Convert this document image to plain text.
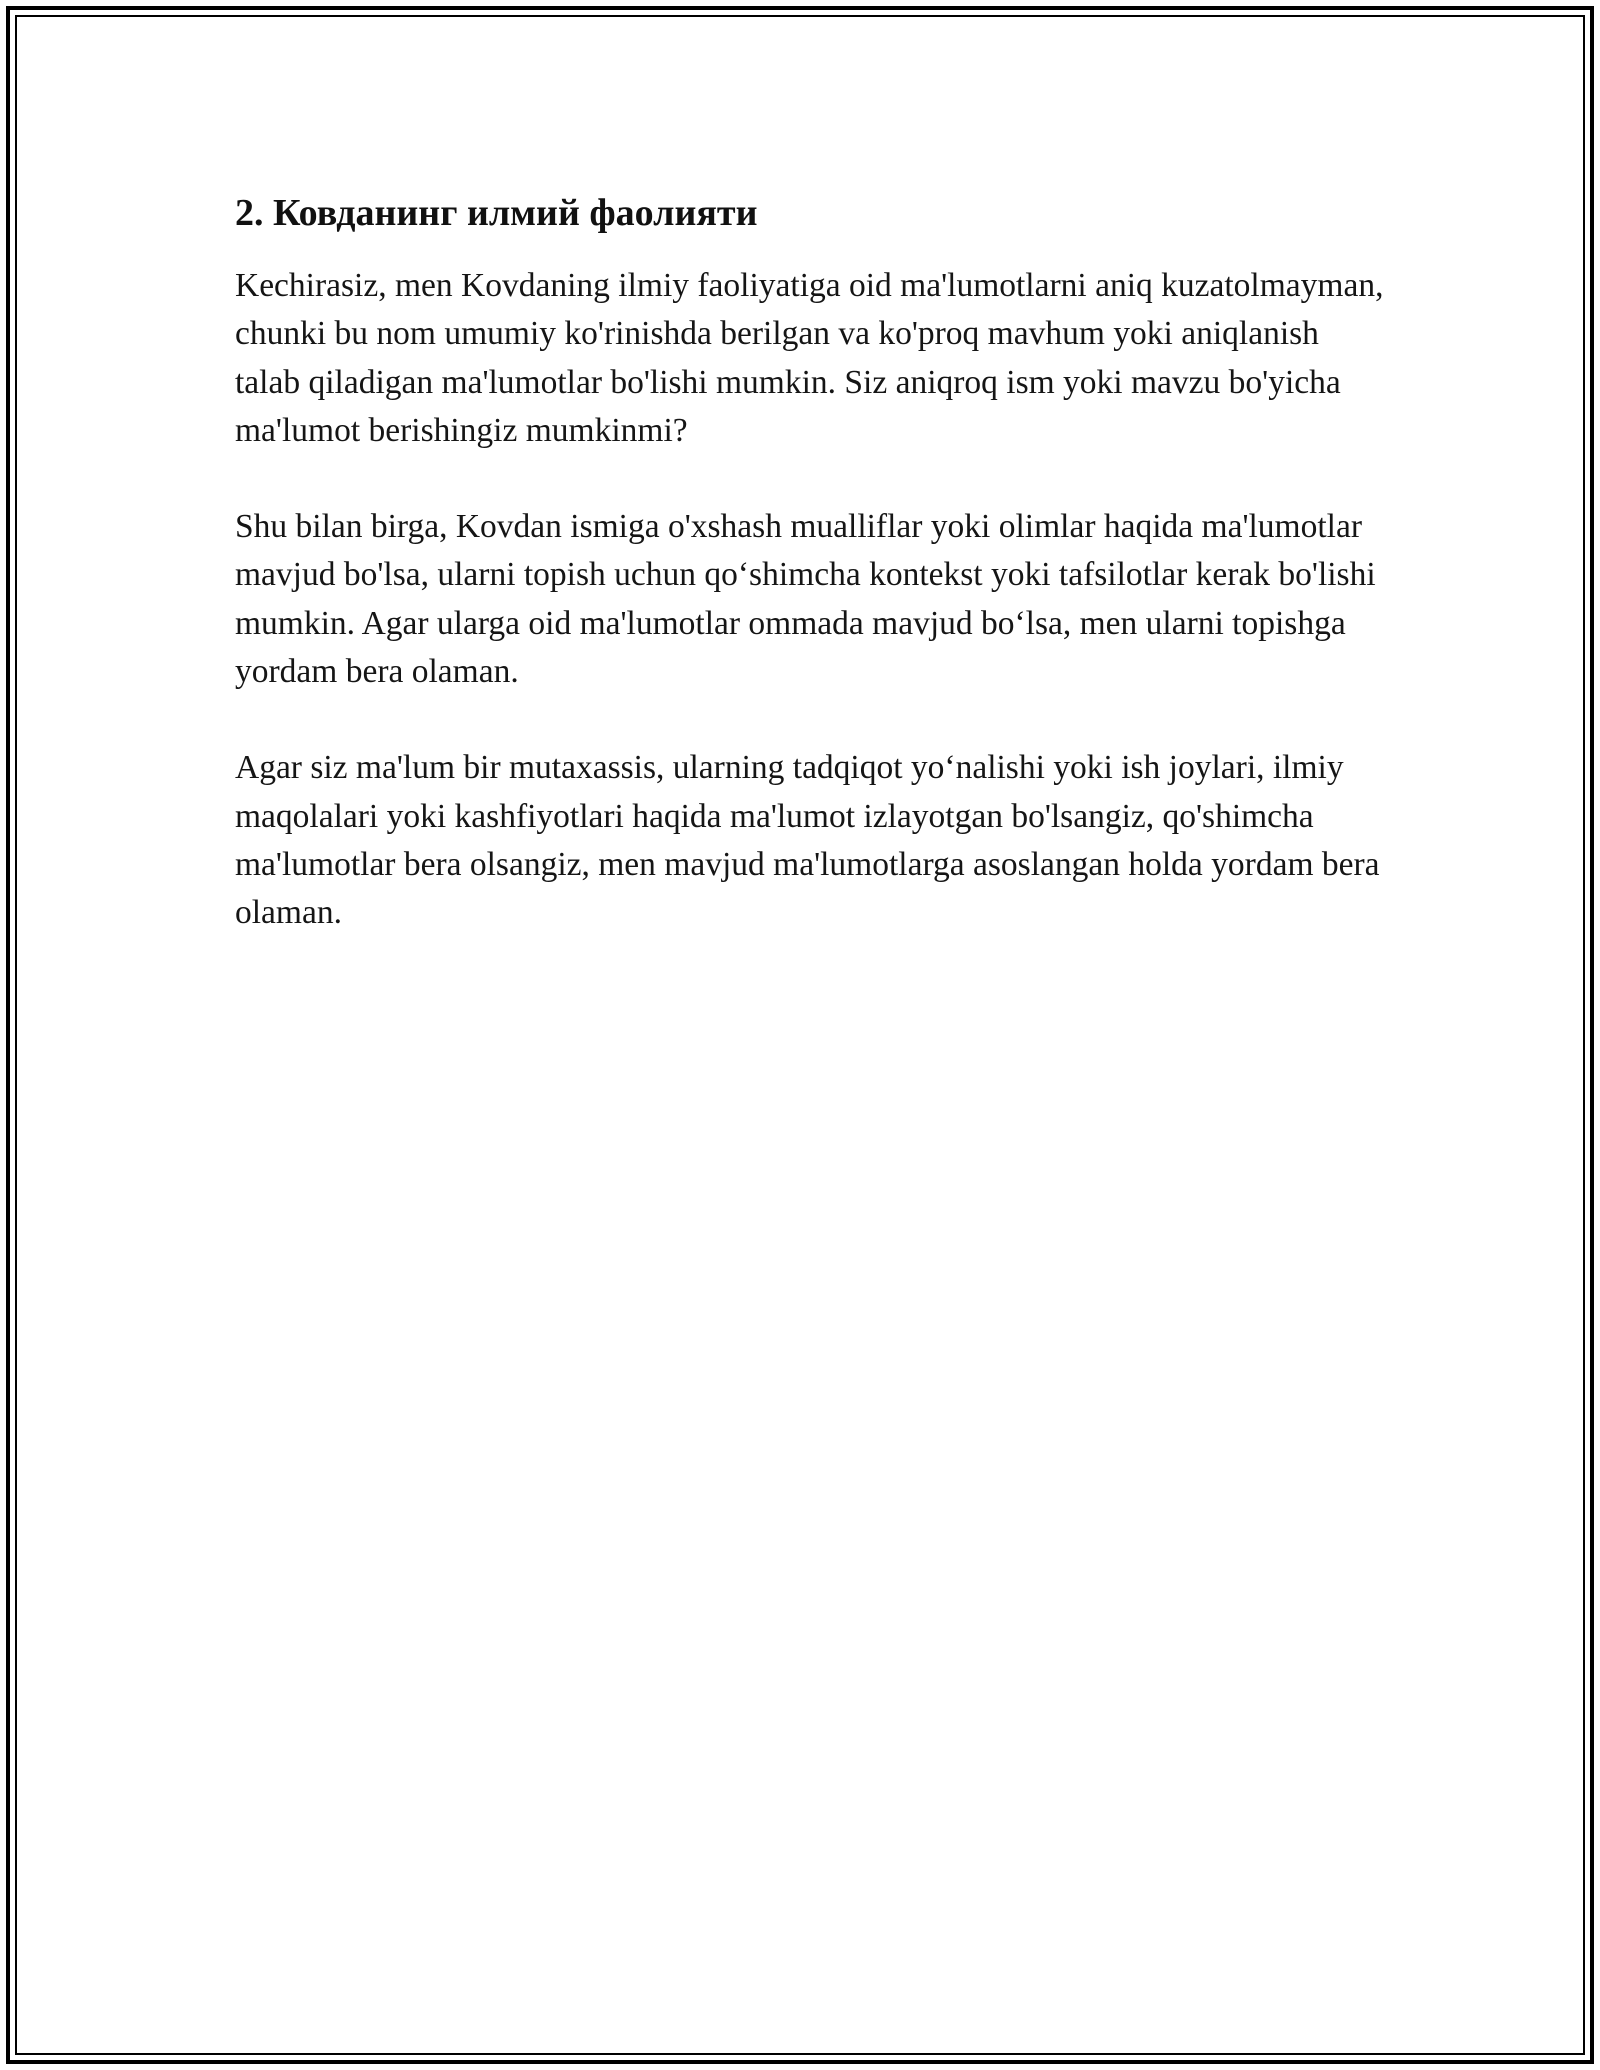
2. Ковданинг илмий фаолияти

Kechirasiz, men Kovdaning ilmiy faoliyatiga oid ma'lumotlarni aniq kuzatolmayman, chunki bu nom umumiy ko'rinishda berilgan va ko'proq mavhum yoki aniqlanish talab qiladigan ma'lumotlar bo'lishi mumkin. Siz aniqroq ism yoki mavzu bo'yicha ma'lumot berishingiz mumkinmi?

Shu bilan birga, Kovdan ismiga o'xshash mualliflar yoki olimlar haqida ma'lumotlar mavjud bo'lsa, ularni topish uchun qo‘shimcha kontekst yoki tafsilotlar kerak bo'lishi mumkin. Agar ularga oid ma'lumotlar ommada mavjud bo‘lsa, men ularni topishga yordam bera olaman.

Agar siz ma'lum bir mutaxassis, ularning tadqiqot yo‘nalishi yoki ish joylari, ilmiy maqolalari yoki kashfiyotlari haqida ma'lumot izlayotgan bo'lsangiz, qo'shimcha ma'lumotlar bera olsangiz, men mavjud ma'lumotlarga asoslangan holda yordam bera olaman.
